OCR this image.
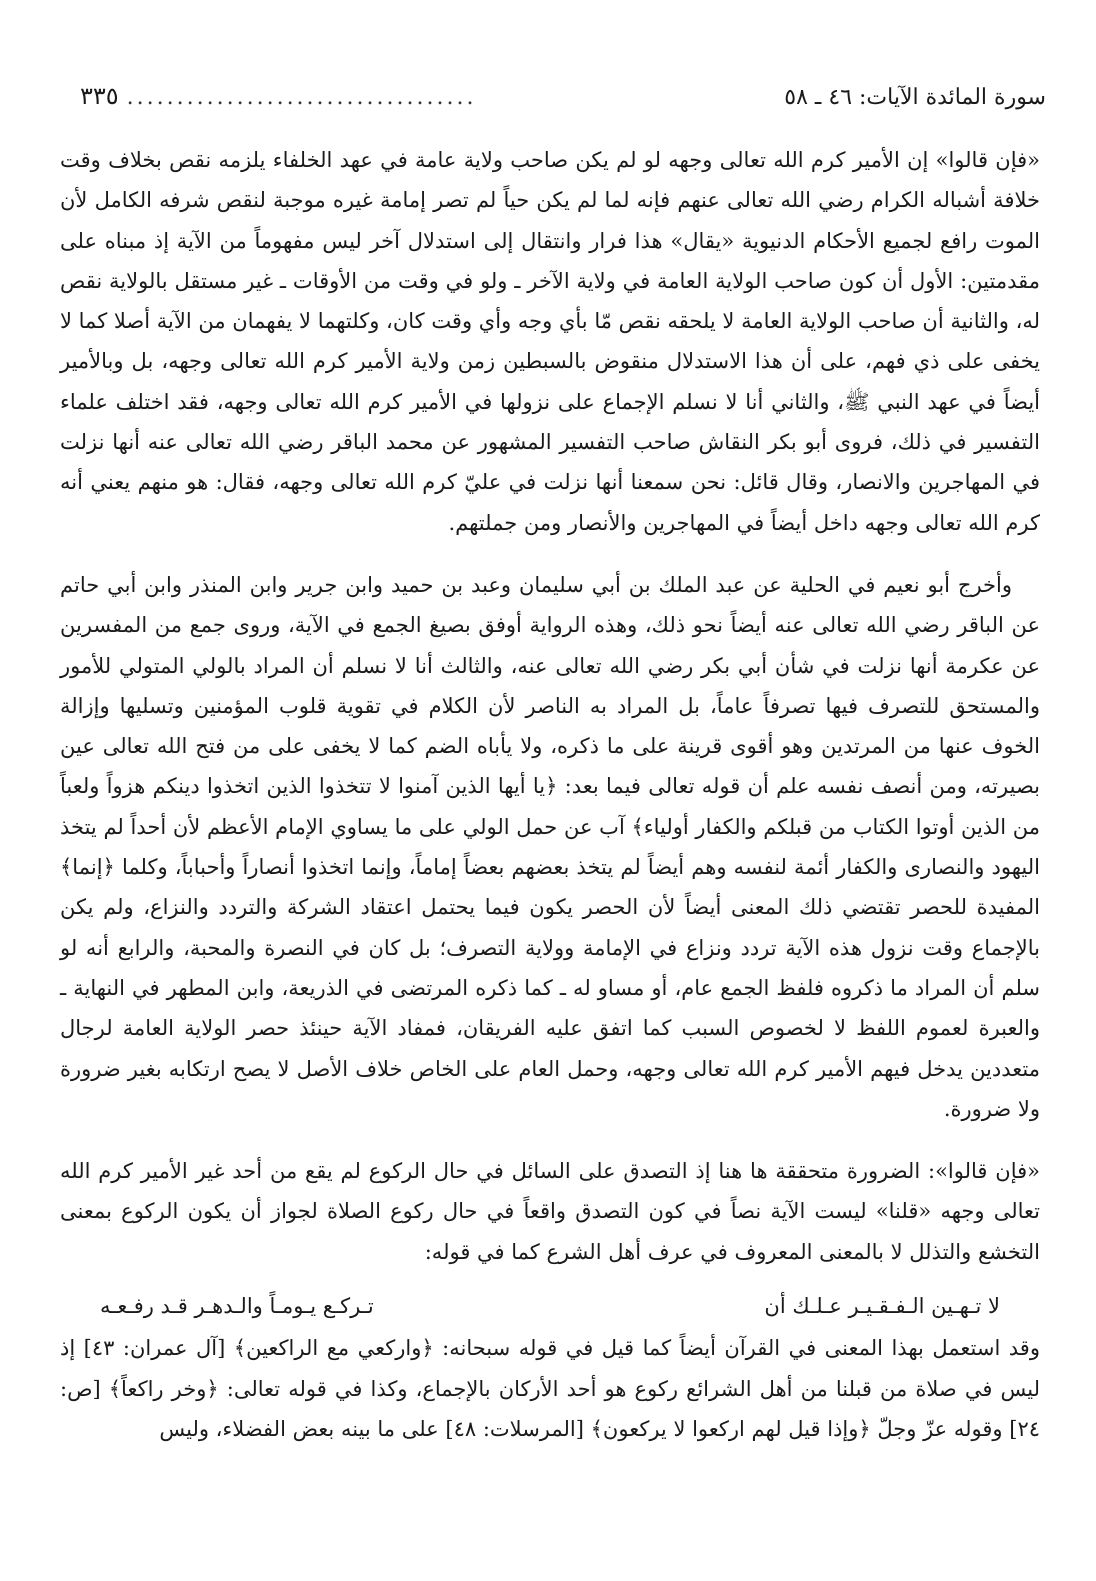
سورة المائدة الآيات: ٤٦ ـ ٥٨
...................................
٣٣٥

«فإن قالوا» إن الأمير كرم الله تعالى وجهه لو لم يكن صاحب ولاية عامة في عهد الخلفاء يلزمه نقص بخلاف وقت خلافة أشباله الكرام رضي الله تعالى عنهم فإنه لما لم يكن حياً لم تصر إمامة غيره موجبة لنقص شرفه الكامل لأن الموت رافع لجميع الأحكام الدنيوية «يقال» هذا فرار وانتقال إلى استدلال آخر ليس مفهوماً من الآية إذ مبناه على مقدمتين: الأول أن كون صاحب الولاية العامة في ولاية الآخر ـ ولو في وقت من الأوقات ـ غير مستقل بالولاية نقص له، والثانية أن صاحب الولاية العامة لا يلحقه نقص مّا بأي وجه وأي وقت كان، وكلتهما لا يفهمان من الآية أصلا كما لا يخفى على ذي فهم، على أن هذا الاستدلال منقوض بالسبطين زمن ولاية الأمير كرم الله تعالى وجهه، بل وبالأمير أيضاً في عهد النبي ﷺ، والثاني أنا لا نسلم الإجماع على نزولها في الأمير كرم الله تعالى وجهه، فقد اختلف علماء التفسير في ذلك، فروى أبو بكر النقاش صاحب التفسير المشهور عن محمد الباقر رضي الله تعالى عنه أنها نزلت في المهاجرين والانصار، وقال قائل: نحن سمعنا أنها نزلت في عليّ كرم الله تعالى وجهه، فقال: هو منهم يعني أنه كرم الله تعالى وجهه داخل أيضاً في المهاجرين والأنصار ومن جملتهم.

وأخرج أبو نعيم في الحلية عن عبد الملك بن أبي سليمان وعبد بن حميد وابن جرير وابن المنذر وابن أبي حاتم عن الباقر رضي الله تعالى عنه أيضاً نحو ذلك، وهذه الرواية أوفق بصيغ الجمع في الآية، وروى جمع من المفسرين عن عكرمة أنها نزلت في شأن أبي بكر رضي الله تعالى عنه، والثالث أنا لا نسلم أن المراد بالولي المتولي للأمور والمستحق للتصرف فيها تصرفاً عاماً، بل المراد به الناصر لأن الكلام في تقوية قلوب المؤمنين وتسليها وإزالة الخوف عنها من المرتدين وهو أقوى قرينة على ما ذكره، ولا يأباه الضم كما لا يخفى على من فتح الله تعالى عين بصيرته، ومن أنصف نفسه علم أن قوله تعالى فيما بعد: ﴿يا أيها الذين آمنوا لا تتخذوا الذين اتخذوا دينكم هزواً ولعباً من الذين أوتوا الكتاب من قبلكم والكفار أولياء﴾ آب عن حمل الولي على ما يساوي الإمام الأعظم لأن أحداً لم يتخذ اليهود والنصارى والكفار أئمة لنفسه وهم أيضاً لم يتخذ بعضهم بعضاً إماماً، وإنما اتخذوا أنصاراً وأحباباً، وكلما ﴿إنما﴾ المفيدة للحصر تقتضي ذلك المعنى أيضاً لأن الحصر يكون فيما يحتمل اعتقاد الشركة والتردد والنزاع، ولم يكن بالإجماع وقت نزول هذه الآية تردد ونزاع في الإمامة وولاية التصرف؛ بل كان في النصرة والمحبة، والرابع أنه لو سلم أن المراد ما ذكروه فلفظ الجمع عام، أو مساو له ـ كما ذكره المرتضى في الذريعة، وابن المطهر في النهاية ـ والعبرة لعموم اللفظ لا لخصوص السبب كما اتفق عليه الفريقان، فمفاد الآية حينئذ حصر الولاية العامة لرجال متعددين يدخل فيهم الأمير كرم الله تعالى وجهه، وحمل العام على الخاص خلاف الأصل لا يصح ارتكابه بغير ضرورة ولا ضرورة.

«فإن قالوا»: الضرورة متحققة ها هنا إذ التصدق على السائل في حال الركوع لم يقع من أحد غير الأمير كرم الله تعالى وجهه «قلنا» ليست الآية نصاً في كون التصدق واقعاً في حال ركوع الصلاة لجواز أن يكون الركوع بمعنى التخشع والتذلل لا بالمعنى المعروف في عرف أهل الشرع كما في قوله:

لا تـهـين الـفـقـيـر عـلـك أن
تـركـع يـومـاً والـدهـر قـد رفـعـه

وقد استعمل بهذا المعنى في القرآن أيضاً كما قيل في قوله سبحانه: ﴿واركعي مع الراكعين﴾ [آل عمران: ٤٣] إذ ليس في صلاة من قبلنا من أهل الشرائع ركوع هو أحد الأركان بالإجماع، وكذا في قوله تعالى: ﴿وخر راكعاً﴾ [ص: ٢٤] وقوله عزّ وجلّ ﴿وإذا قيل لهم اركعوا لا يركعون﴾ [المرسلات: ٤٨] على ما بينه بعض الفضلاء، وليس
